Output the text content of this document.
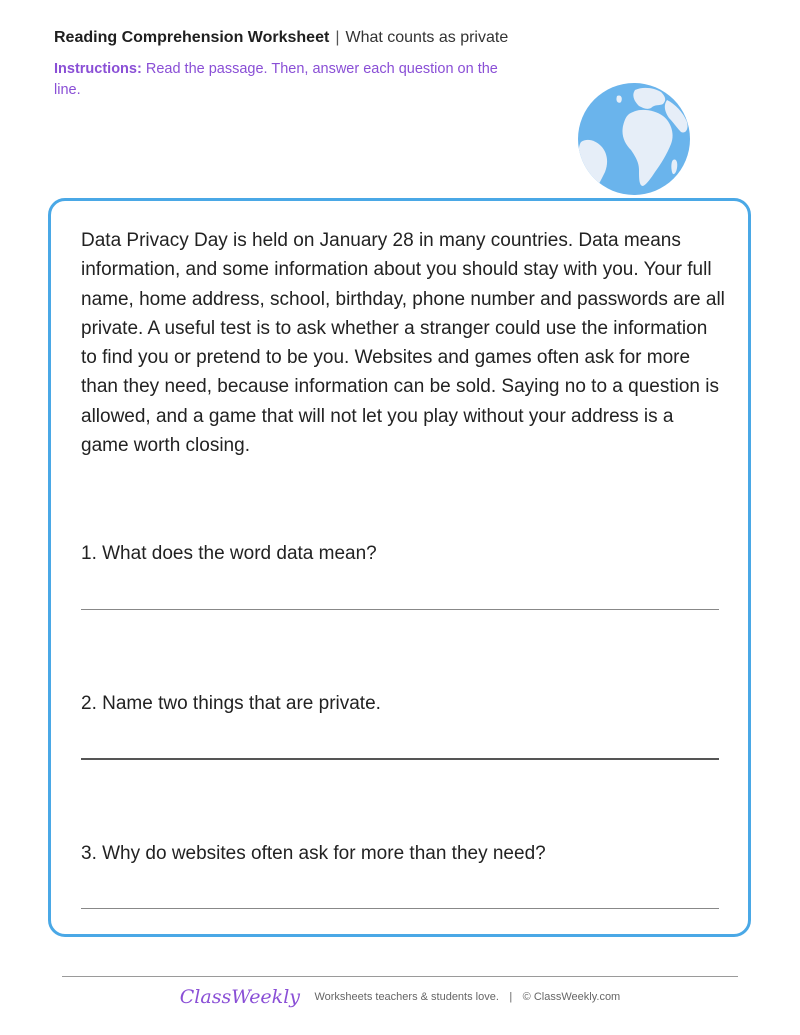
Reading Comprehension Worksheet | What counts as private
Instructions: Read the passage. Then, answer each question on the line.
Data Privacy Day is held on January 28 in many countries. Data means information, and some information about you should stay with you. Your full name, home address, school, birthday, phone number and passwords are all private. A useful test is to ask whether a stranger could use the information to find you or pretend to be you. Websites and games often ask for more than they need, because information can be sold. Saying no to a question is allowed, and a game that will not let you play without your address is a game worth closing.
1. What does the word data mean?
2. Name two things that are private.
3. Why do websites often ask for more than they need?
ClassWeekly Worksheets teachers & students love. | © ClassWeekly.com
